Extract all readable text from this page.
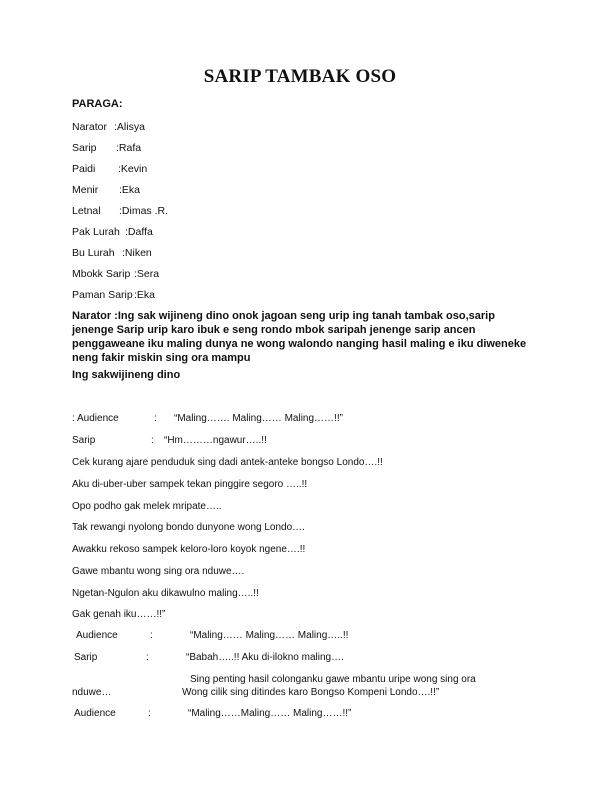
SARIP TAMBAK OSO
PARAGA:
Narator :Alisya
Sarip :Rafa
Paidi :Kevin
Menir :Eka
Letnal :Dimas .R.
Pak Lurah :Daffa
Bu Lurah :Niken
Mbokk Sarip :Sera
Paman Sarip:Eka
Narator :Ing sak wijineng dino onok jagoan seng urip ing tanah tambak oso,sarip jenenge Sarip urip karo ibuk e seng rondo mbok saripah jenenge sarip ancen penggaweane iku maling dunya ne wong walondo nanging hasil maling e iku diweneke neng fakir miskin sing ora mampu
Ing sakwijineng dino
: Audience	: “Maling……. Maling…… Maling……!!”
Sarip	: “Hm………ngawur…..!!
Cek kurang ajare penduduk sing dadi antek-anteke bongso Londo….!!
Aku di-uber-uber sampek tekan pinggire segoro …..!!
Opo podho gak melek mripate…..
Tak rewangi nyolong bondo dunyone wong Londo….
Awakku rekoso sampek keloro-loro koyok ngene….!!
Gawe mbantu wong sing ora nduwe….
Ngetan-Ngulon aku dikawulno maling…..!!
Gak genah iku……!!”
Audience	:	“Maling…… Maling…… Maling…..!!
Sarip	:	“Babah…..!! Aku di-ilokno maling….
Sing penting hasil colonganku gawe mbantu uripe wong sing ora
nduwe…	Wong cilik sing ditindes karo Bongso Kompeni Londo….!!”
Audience	:	“Maling……Maling…… Maling……!!”
